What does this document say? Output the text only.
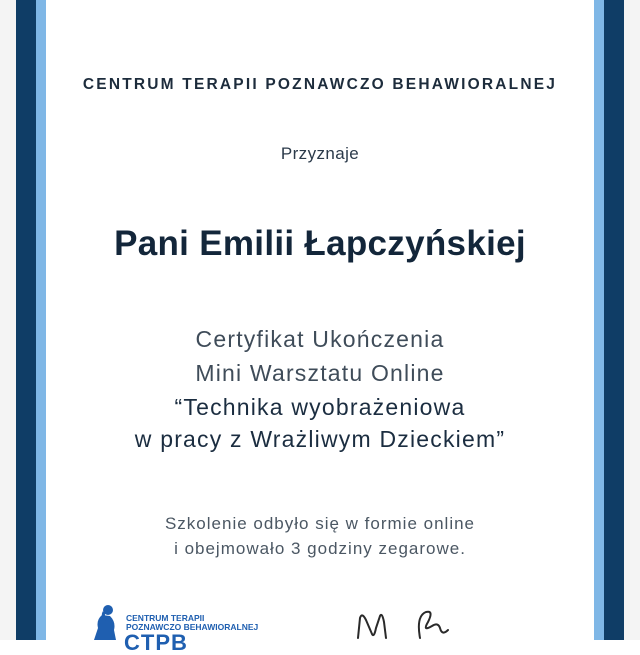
CENTRUM TERAPII POZNAWCZO BEHAWIORALNEJ
Przyznaje
Pani Emilii Łapczyńskiej
Certyfikat Ukończenia
Mini Warsztatu Online
“Technika wyobrażeniowa
w pracy z Wrażliwym Dzieckiem”
Szkolenie odbyło się w formie online
i obejmowało 3 godziny zegarowe.
CENTRUM TERAPII
POZNAWCZO BEHAWIORALNEJ
CTPB
